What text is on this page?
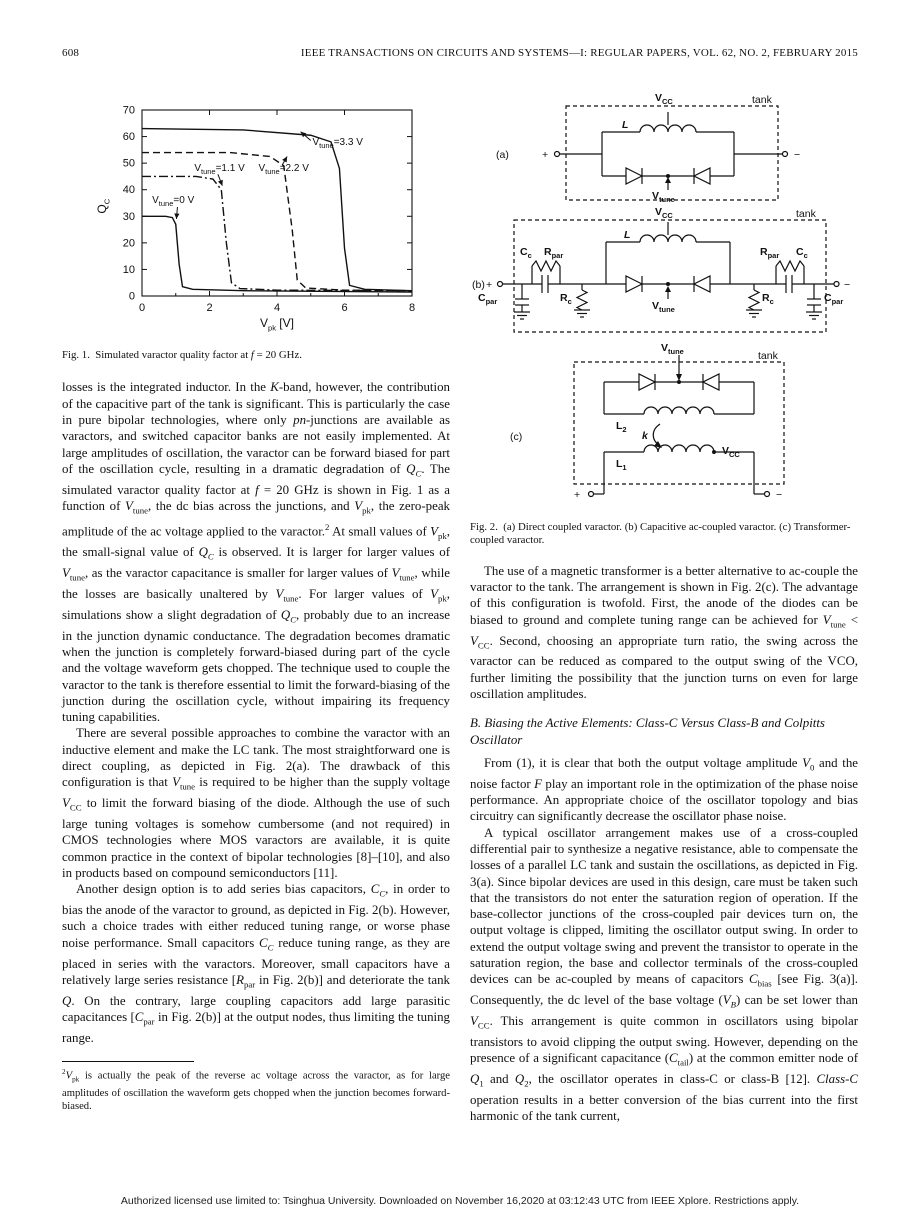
608	IEEE TRANSACTIONS ON CIRCUITS AND SYSTEMS—I: REGULAR PAPERS, VOL. 62, NO. 2, FEBRUARY 2015
0
10
20
30
40
50
60
70
0	2	4	6	8
$Q_C$
$V_{pk}$ [V]
$V_{tune}=0$ V
$V_{tune}=1.1$ V $V_{tune}=2.2$ V
$V_{tune}=3.3$ V
Fig. 1.  Simulated varactor quality factor at f = 20 GHz.

losses is the integrated inductor. In the K-band, however, the contribution of the capacitive part of the tank is significant. This is particularly the case in pure bipolar technologies, where only pn-junctions are available as varactors, and switched capacitor banks are not easily implemented. At large amplitudes of oscillation, the varactor can be forward biased for part of the oscillation cycle, resulting in a dramatic degradation of $Q_C$. The simulated varactor quality factor at f = 20 GHz is shown in Fig. 1 as a function of $V_{tune}$, the dc bias across the junctions, and $V_{pk}$, the zero-peak amplitude of the ac voltage applied to the varactor.$^2$ At small values of $V_{pk}$, the small-signal value of $Q_C$ is observed. It is larger for larger values of $V_{tune}$, as the varactor capacitance is smaller for larger values of $V_{tune}$, while the losses are basically unaltered by $V_{tune}$. For larger values of $V_{pk}$, simulations show a slight degradation of $Q_C$, probably due to an increase in the junction dynamic conductance. The degradation becomes dramatic when the junction is completely forward-biased during part of the cycle and the voltage waveform gets chopped. The technique used to couple the varactor to the tank is therefore essential to limit the forward-biasing of the junction during the oscillation cycle, without impairing its frequency tuning capabilities.

There are several possible approaches to combine the varactor with an inductive element and make the LC tank. The most straightforward one is direct coupling, as depicted in Fig. 2(a). The drawback of this configuration is that $V_{tune}$ is required to be higher than the supply voltage $V_{CC}$ to limit the forward biasing of the diode. Although the use of such large tuning voltages is somehow cumbersome (and not required) in CMOS technologies where MOS varactors are available, it is quite common practice in the context of bipolar technologies [8]–[10], and also in products based on compound semiconductors [11].

Another design option is to add series bias capacitors, $C_C$, in order to bias the anode of the varactor to ground, as depicted in Fig. 2(b). However, such a choice trades with either reduced tuning range, or worse phase noise performance. Small capacitors $C_C$ reduce tuning range, as they are placed in series with the varactors. Moreover, small capacitors have a relatively large series resistance [$R_{par}$ in Fig. 2(b)] and deteriorate the tank Q. On the contrary, large coupling capacitors add large parasitic capacitances [$C_{par}$ in Fig. 2(b)] at the output nodes, thus limiting the tuning range.

$^2V_{pk}$ is actually the peak of the reverse ac voltage across the varactor, as for large amplitudes of oscillation the waveform gets chopped when the junction becomes forward-biased.
(a)
tank
L
+	−
$V_{CC}$
$V_{tune}$
(b) +	−
L
tank
$C_{par}$
$C_c$ $R_{par}$
$R_c$
$V_{CC}$
$V_{tune}$
$R_c$
$R_{par}$ $C_c$
$C_{par}$
(c)
tank
k
+	−
$V_{tune}$
$L_2$
$L_1$
$V_{CC}$
Fig. 2.  (a) Direct coupled varactor. (b) Capacitive ac-coupled varactor. (c) Transformer-coupled varactor.

The use of a magnetic transformer is a better alternative to ac-couple the varactor to the tank. The arrangement is shown in Fig. 2(c). The advantage of this configuration is twofold. First, the anode of the diodes can be biased to ground and complete tuning range can be achieved for $V_{tune} < V_{CC}$. Second, choosing an appropriate turn ratio, the swing across the varactor can be reduced as compared to the output swing of the VCO, further limiting the possibility that the junction turns on even for large oscillation amplitudes.

B. Biasing the Active Elements: Class-C Versus Class-B and Colpitts Oscillator

From (1), it is clear that both the output voltage amplitude $V_0$ and the noise factor F play an important role in the optimization of the phase noise performance. An appropriate choice of the oscillator topology and bias circuitry can significantly decrease the oscillator phase noise.

A typical oscillator arrangement makes use of a cross-coupled differential pair to synthesize a negative resistance, able to compensate the losses of a parallel LC tank and sustain the oscillations, as depicted in Fig. 3(a). Since bipolar devices are used in this design, care must be taken such that the transistors do not enter the saturation region of operation. If the base-collector junctions of the cross-coupled pair devices turn on, the output voltage is clipped, limiting the oscillator output swing. In order to extend the output voltage swing and prevent the transistor to operate in the saturation region, the base and collector terminals of the cross-coupled devices can be ac-coupled by means of capacitors $C_{bias}$ [see Fig. 3(a)]. Consequently, the dc level of the base voltage $(V_B)$ can be set lower than $V_{CC}$. This arrangement is quite common in oscillators using bipolar transistors to avoid clipping the output swing. However, depending on the presence of a significant capacitance $(C_{tail})$ at the common emitter node of $Q_1$ and $Q_2$, the oscillator operates in class-C or class-B [12]. Class-C operation results in a better conversion of the bias current into the first harmonic of the tank current,

Authorized licensed use limited to: Tsinghua University. Downloaded on November 16,2020 at 03:12:43 UTC from IEEE Xplore. Restrictions apply.
